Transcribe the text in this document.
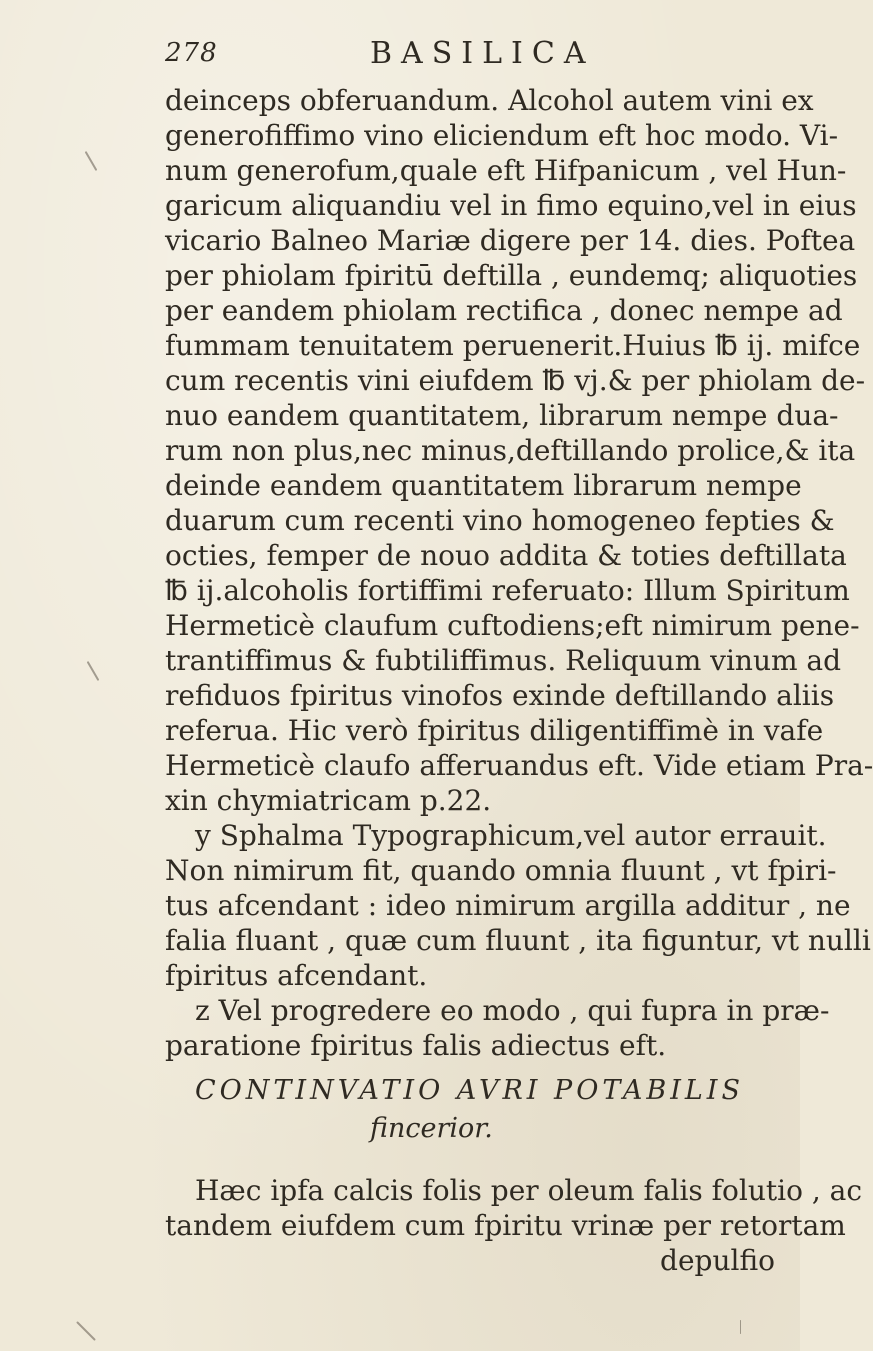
278	BASILICA
deinceps obferuandum. Alcohol autem vini ex
generofiffimo vino eliciendum eft hoc modo. Vi-
num generofum,quale eft Hifpanicum , vel Hun-
garicum aliquandiu vel in fimo equino,vel in eius
vicario Balneo Mariæ digere per 14. dies. Poftea
per phiolam fpiritū deftilla , eundemq; aliquoties
per eandem phiolam rectifica , donec nempe ad
fummam tenuitatem peruenerit.Huius ℔ ij. mifce
cum recentis vini eiufdem ℔ vj.& per phiolam de-
nuo eandem quantitatem, librarum nempe dua-
rum non plus,nec minus,deftillando prolice,& ita
deinde eandem quantitatem librarum nempe
duarum cum recenti vino homogeneo fepties &
octies, femper de nouo addita & toties deftillata
℔ ij.alcoholis fortiffimi referuato: Illum Spiritum
Hermeticè claufum cuftodiens;eft nimirum pene-
trantiffimus & fubtiliffimus. Reliquum vinum ad
refiduos fpiritus vinofos exinde deftillando aliis
referua. Hic verò fpiritus diligentiffimè in vafe
Hermeticè claufo afferuandus eft. Vide etiam Pra-
xin chymiatricam p.22.
y Sphalma Typographicum,vel autor errauit.
Non nimirum fit, quando omnia fluunt , vt fpiri-
tus afcendant : ideo nimirum argilla additur , ne
falia fluant , quæ cum fluunt , ita figuntur, vt nulli
fpiritus afcendant.
z Vel progredere eo modo , qui fupra in præ-
paratione fpiritus falis adiectus eft.
CONTINVATIO AVRI POTABILIS
fincerior.
Hæc ipfa calcis folis per oleum falis folutio , ac
tandem eiufdem cum fpiritu vrinæ per retortam
depulfio
